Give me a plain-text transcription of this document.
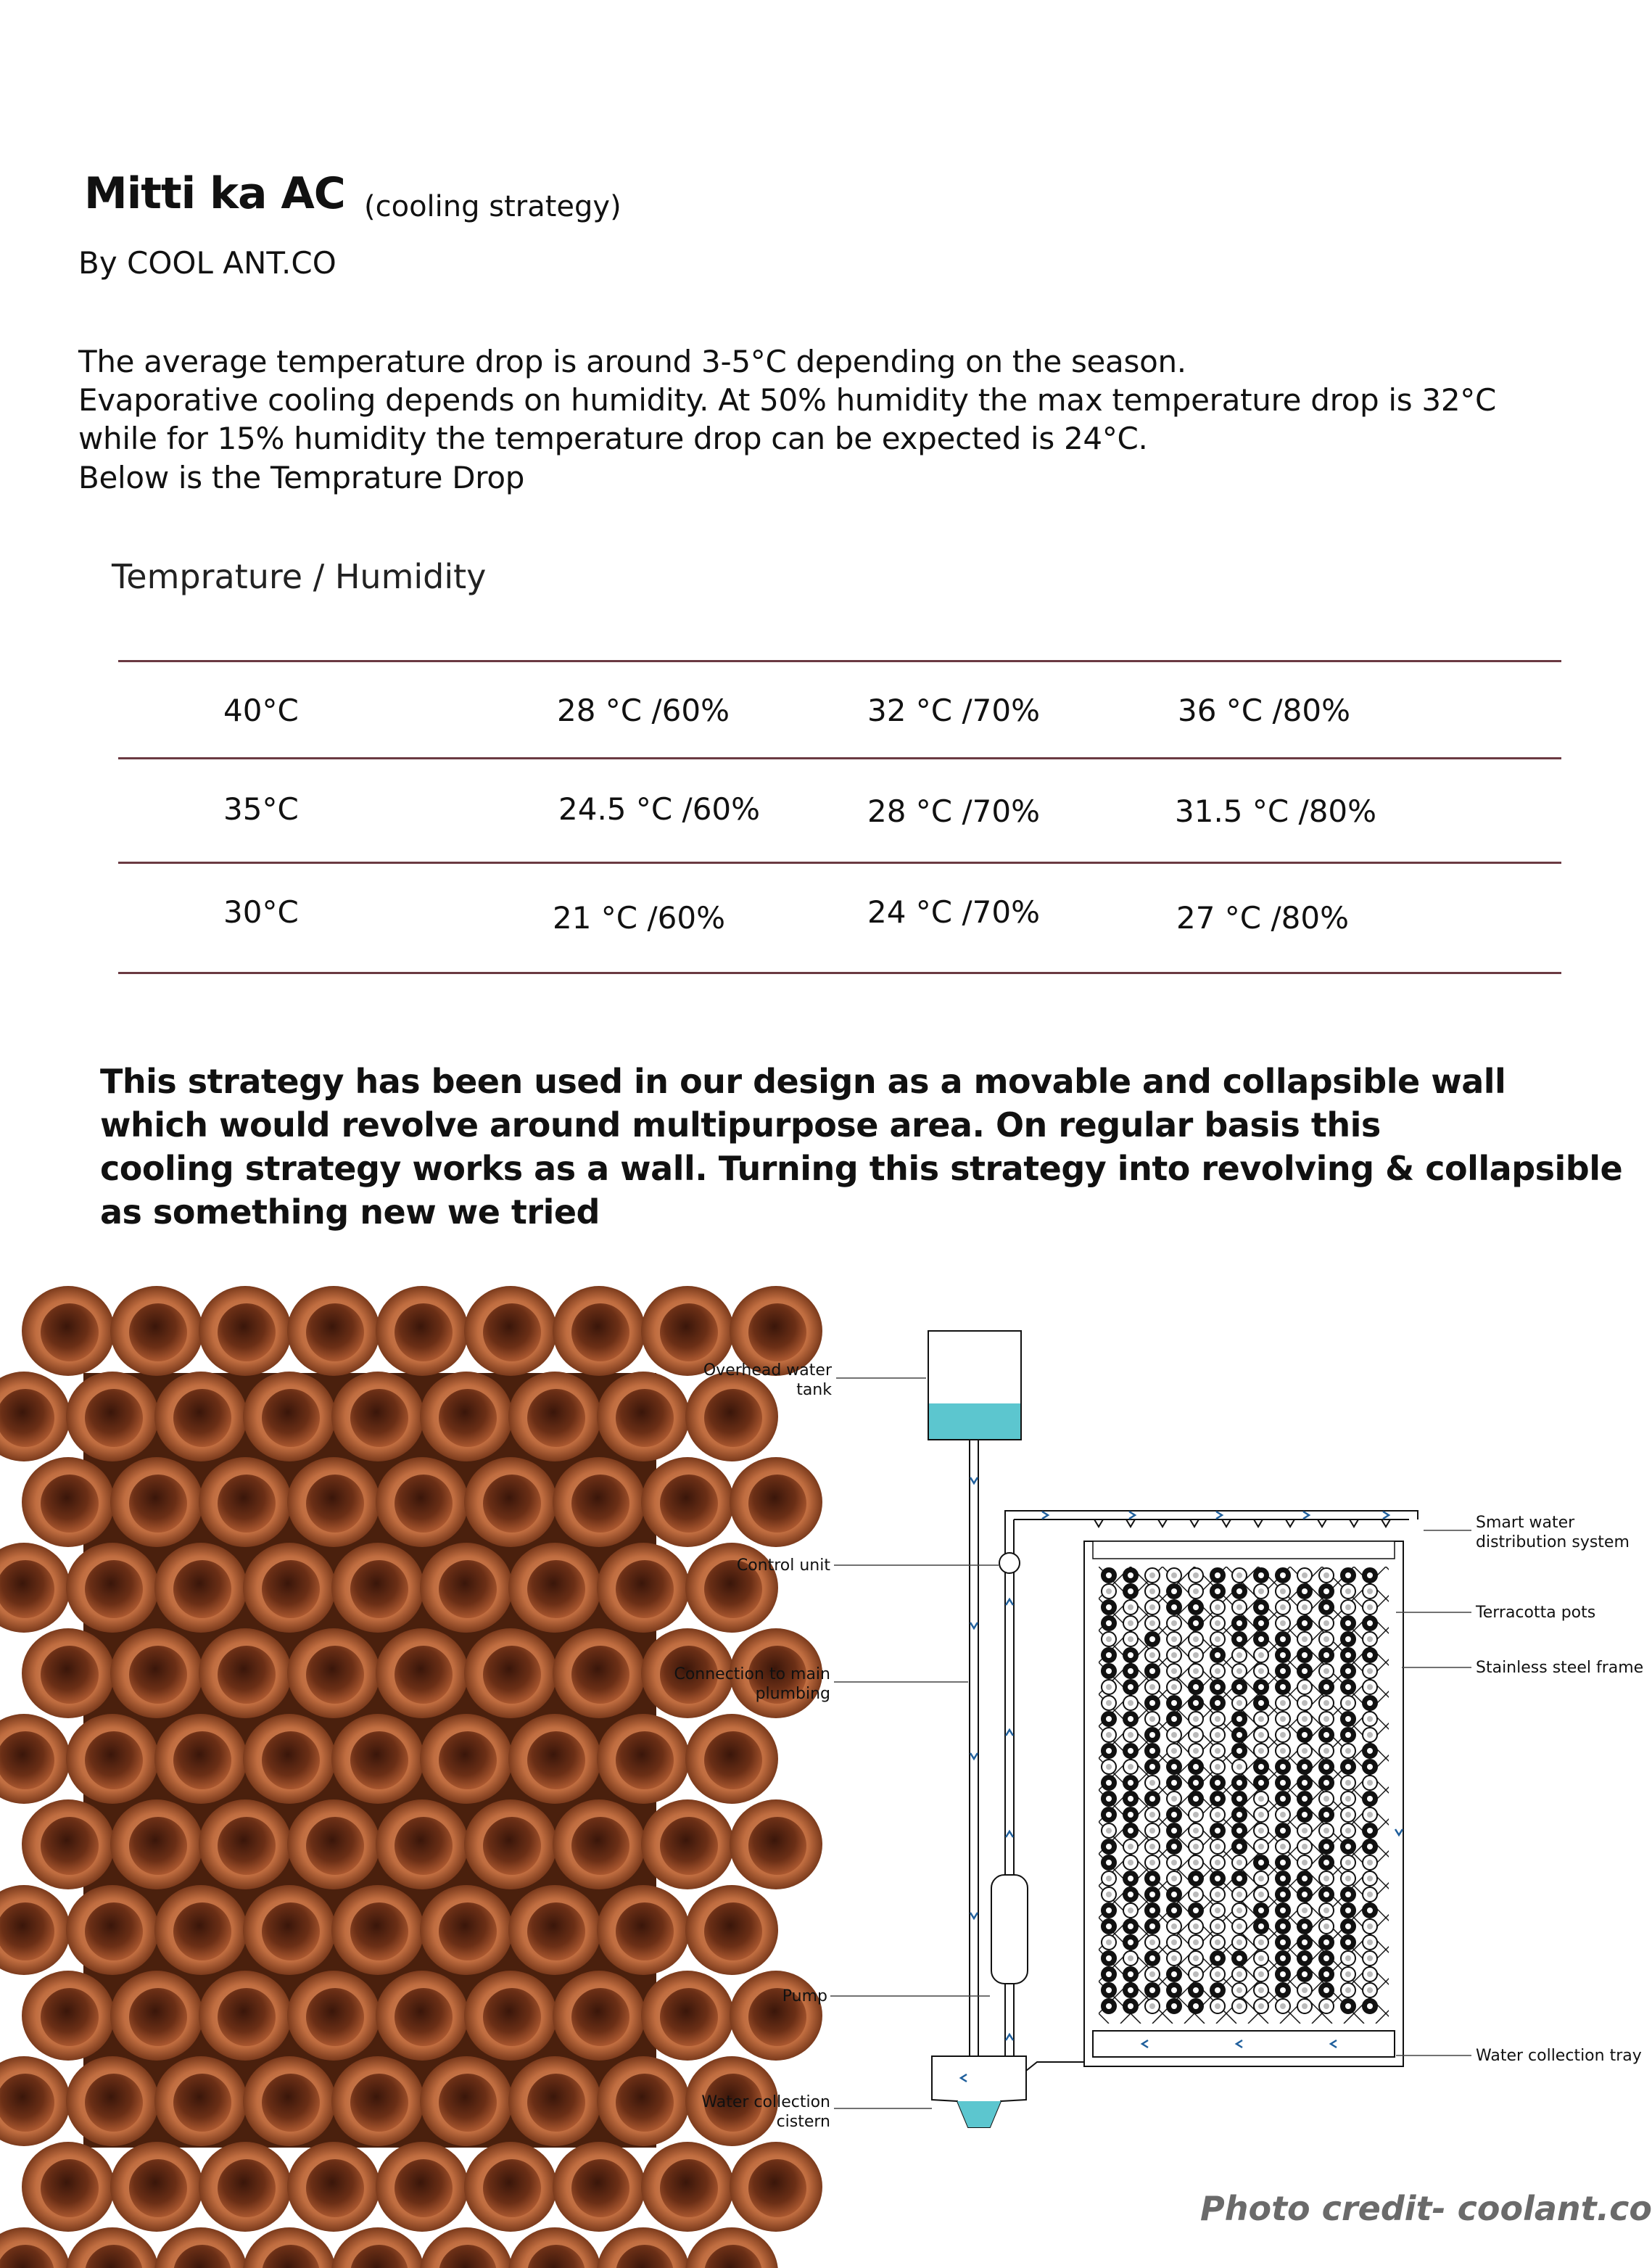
Mitti ka AC (cooling strategy)
By COOL ANT.CO
The average temperature drop is around 3-5°C depending on the season.
Evaporative cooling depends on humidity. At 50% humidity the max temperature drop is 32°C
while for 15% humidity the temperature drop can be expected is 24°C.
Below is the Temprature Drop
Temprature / Humidity
40°C	28 °C /60%	32 °C /70%	36 °C /80%
35°C	24.5 °C /60%	28 °C /70%	31.5 °C /80%
30°C	21 °C /60%	24 °C /70%	27 °C /80%
This strategy has been used in our design as a movable and collapsible wall
which would revolve around multipurpose area. On regular basis this
cooling strategy works as a wall. Turning this strategy into revolving & collapsible
as something new we tried
Overhead water
tank
Control unit
Connection to main
plumbing
Pump
Water collection
cistern
Smart water
distribution system
Terracotta pots
Stainless steel frame
Water collection tray
Photo credit- coolant.co
